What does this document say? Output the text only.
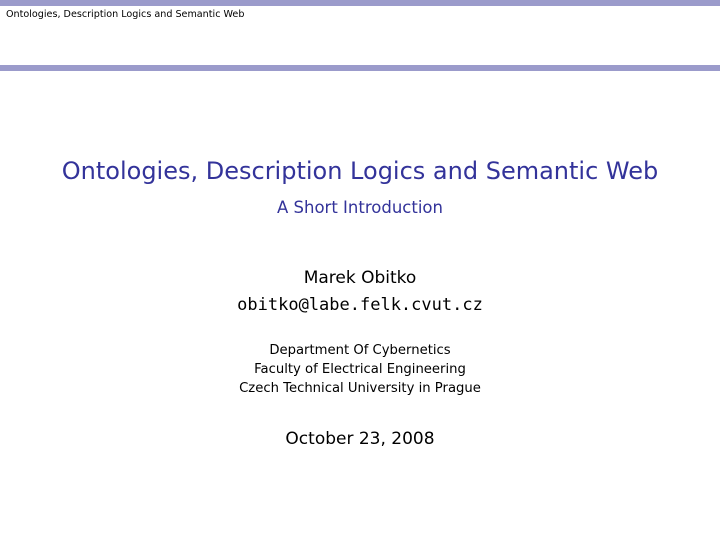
Ontologies, Description Logics and Semantic Web
Ontologies, Description Logics and Semantic Web
A Short Introduction
Marek Obitko
obitko@labe.felk.cvut.cz
Department Of Cybernetics
Faculty of Electrical Engineering
Czech Technical University in Prague
October 23, 2008
